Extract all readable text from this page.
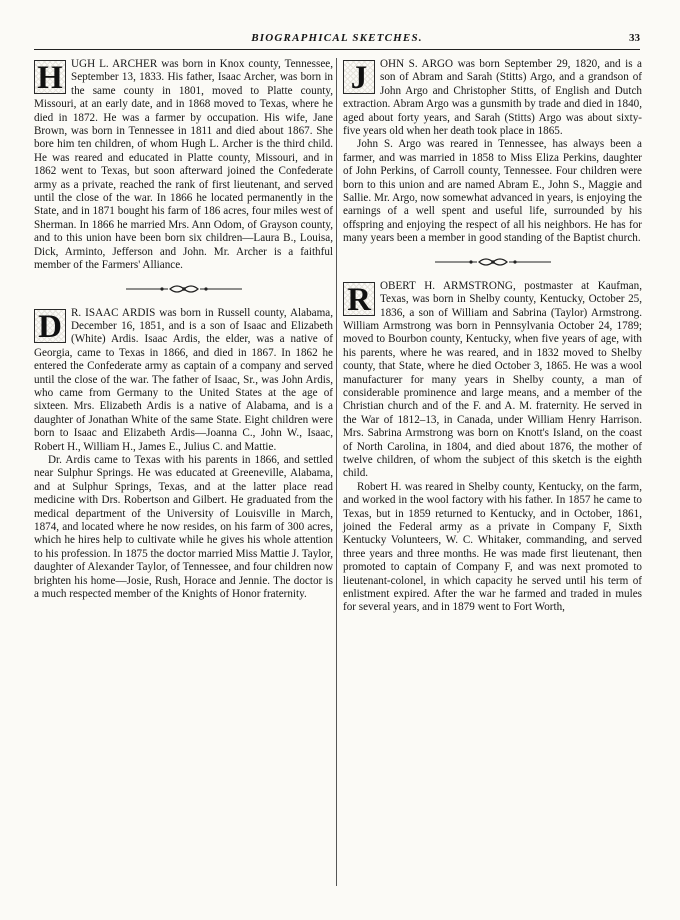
BIOGRAPHICAL SKETCHES.	33
H UGH L. ARCHER was born in Knox county, Tennessee, September 13, 1833. His father, Isaac Archer, was born in the same county in 1801, moved to Platte county, Missouri, at an early date, and in 1868 moved to Texas, where he died in 1872. He was a farmer by occupation. His wife, Jane Brown, was born in Tennessee in 1811 and died about 1867. She bore him ten children, of whom Hugh L. Archer is the third child. He was reared and educated in Platte county, Missouri, and in 1862 went to Texas, but soon afterward joined the Confederate army as a private, reached the rank of first lieutenant, and served until the close of the war. In 1866 he located permanently in the State, and in 1871 bought his farm of 186 acres, four miles west of Sherman. In 1866 he married Mrs. Ann Odom, of Grayson county, and to this union have been born six children—Laura B., Louisa, Dick, Arminto, Jefferson and John. Mr. Archer is a faithful member of the Farmers' Alliance.

D R. ISAAC ARDIS was born in Russell county, Alabama, December 16, 1851, and is a son of Isaac and Elizabeth (White) Ardis. Isaac Ardis, the elder, was a native of Georgia, came to Texas in 1866, and died in 1867. In 1862 he entered the Confederate army as captain of a company and served until the close of the war. The father of Isaac, Sr., was John Ardis, who came from Germany to the United States at the age of sixteen. Mrs. Elizabeth Ardis is a native of Alabama, and is a daughter of Jonathan White of the same State. Eight children were born to Isaac and Elizabeth Ardis—Joanna C., John W., Isaac, Robert H., William H., James E., Julius C. and Mattie.

Dr. Ardis came to Texas with his parents in 1866, and settled near Sulphur Springs. He was educated at Greeneville, Alabama, and at Sulphur Springs, Texas, and at the latter place read medicine with Drs. Robertson and Gilbert. He graduated from the medical department of the University of Louisville in March, 1874, and located where he now resides, on his farm of 300 acres, which he hires help to cultivate while he gives his whole attention to his profession. In 1875 the doctor married Miss Mattie J. Taylor, daughter of Alexander Taylor, of Tennessee, and four children now brighten his home—Josie, Rush, Horace and Jennie. The doctor is a much respected member of the Knights of Honor fraternity.

J	OHN S. ARGO was born September 29, 1820, and is a son of Abram and Sarah (Stitts) Argo, and a grandson of John Argo and Christopher Stitts, of English and Dutch extraction. Abram Argo was a gunsmith by trade and died in 1840, aged about forty years, and Sarah (Stitts) Argo was about sixty-five years old when her death took place in 1865.

John S. Argo was reared in Tennessee, has always been a farmer, and was married in 1858 to Miss Eliza Perkins, daughter of John Perkins, of Carroll county, Tennessee. Four children were born to this union and are named Abram E., John S., Maggie and Sallie. Mr. Argo, now somewhat advanced in years, is enjoying the earnings of a well spent and useful life, surrounded by his offspring and enjoying the respect of all his neighbors. He has for many years been a member in good standing of the Baptist church.

R OBERT H. ARMSTRONG, postmaster at Kaufman, Texas, was born in Shelby county, Kentucky, October 25, 1836, a son of William and Sabrina (Taylor) Armstrong. William Armstrong was born in Pennsylvania October 24, 1789; moved to Bourbon county, Kentucky, when five years of age, with his parents, where he was reared, and in 1832 moved to Shelby county, that State, where he died October 3, 1865. He was a wool manufacturer for many years in Shelby county, a man of considerable prominence and large means, and a member of the Christian church and of the F. and A. M. fraternity. He served in the War of 1812–13, in Canada, under William Henry Harrison. Mrs. Sabrina Armstrong was born on Knott's Island, on the coast of North Carolina, in 1804, and died about 1876, the mother of twelve children, of whom the subject of this sketch is the eighth child.

Robert H. was reared in Shelby county, Kentucky, on the farm, and worked in the wool factory with his father. In 1857 he came to Texas, but in 1859 returned to Kentucky, and in October, 1861, joined the Federal army as a private in Company F, Sixth Kentucky Volunteers, W. C. Whitaker, commanding, and served three years and three months. He was made first lieutenant, then promoted to captain of Company F, and was next promoted to lieutenant-colonel, in which capacity he served until his term of enlistment expired. After the war he farmed and traded in mules for several years, and in 1879 went to Fort Worth,
